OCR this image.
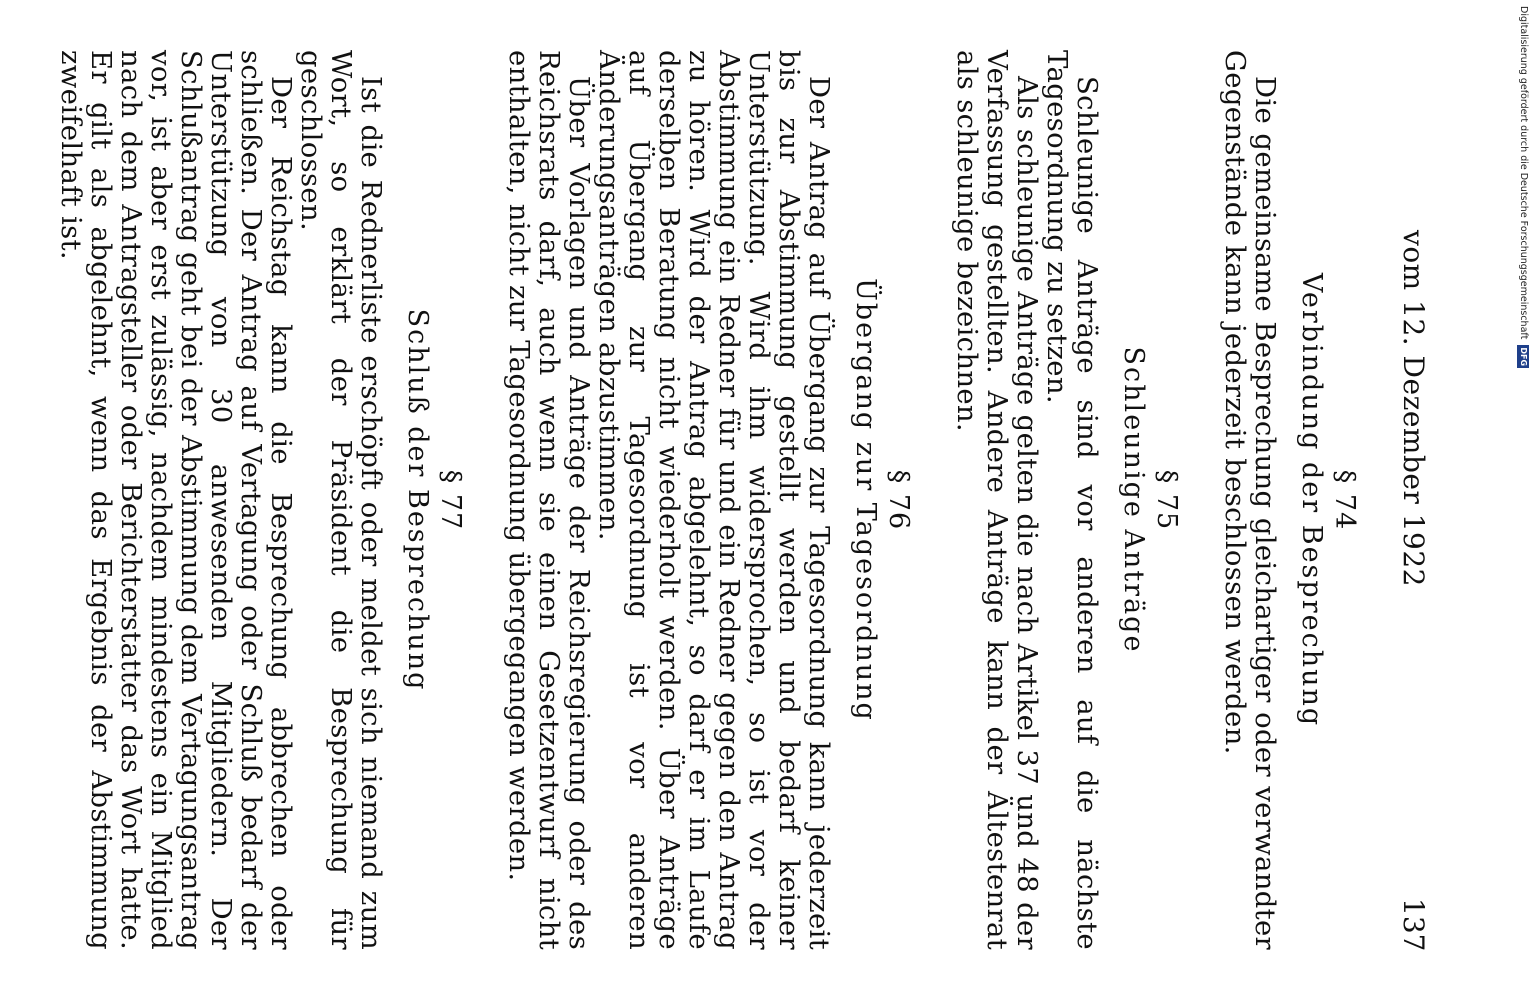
vom 12. Dezember 1922
137
§ 74
Verbindung der Besprechung

Die gemeinsame Besprechung gleichartiger oder verwandter Gegenstände kann jederzeit beschlossen werden.

§ 75
Schleunige Anträge

Schleunige Anträge sind vor anderen auf die nächste Tagesordnung zu setzen.

Als schleunige Anträge gelten die nach Artikel 37 und 48 der Verfassung gestellten. Andere Anträge kann der Ältestenrat als schleunige bezeichnen.

§ 76
Übergang zur Tagesordnung

Der Antrag auf Übergang zur Tagesordnung kann jederzeit bis zur Abstimmung gestellt werden und bedarf keiner Unterstützung. Wird ihm widersprochen, so ist vor der Abstimmung ein Redner für und ein Redner gegen den Antrag zu hören. Wird der Antrag abgelehnt, so darf er im Laufe derselben Beratung nicht wiederholt werden. Über Anträge auf Übergang zur Tagesordnung ist vor anderen Änderungsanträgen abzustimmen.

Über Vorlagen und Anträge der Reichsregierung oder des Reichsrats darf, auch wenn sie einen Gesetzentwurf nicht enthalten, nicht zur Tagesordnung übergegangen werden.

§ 77
Schluß der Besprechung

Ist die Rednerliste erschöpft oder meldet sich niemand zum Wort, so erklärt der Präsident die Besprechung für geschlossen.

Der Reichstag kann die Besprechung abbrechen oder schließen. Der Antrag auf Vertagung oder Schluß bedarf der Unterstützung von 30 anwesenden Mitgliedern. Der Schlußantrag geht bei der Abstimmung dem Vertagungsantrag vor, ist aber erst zulässig, nachdem mindestens ein Mitglied nach dem Antragsteller oder Berichterstatter das Wort hatte. Er gilt als abgelehnt, wenn das Ergebnis der Abstimmung zweifelhaft ist.	Digitalisierung gefördert durch die Deutsche Forschungsgemeinschaft DFG
